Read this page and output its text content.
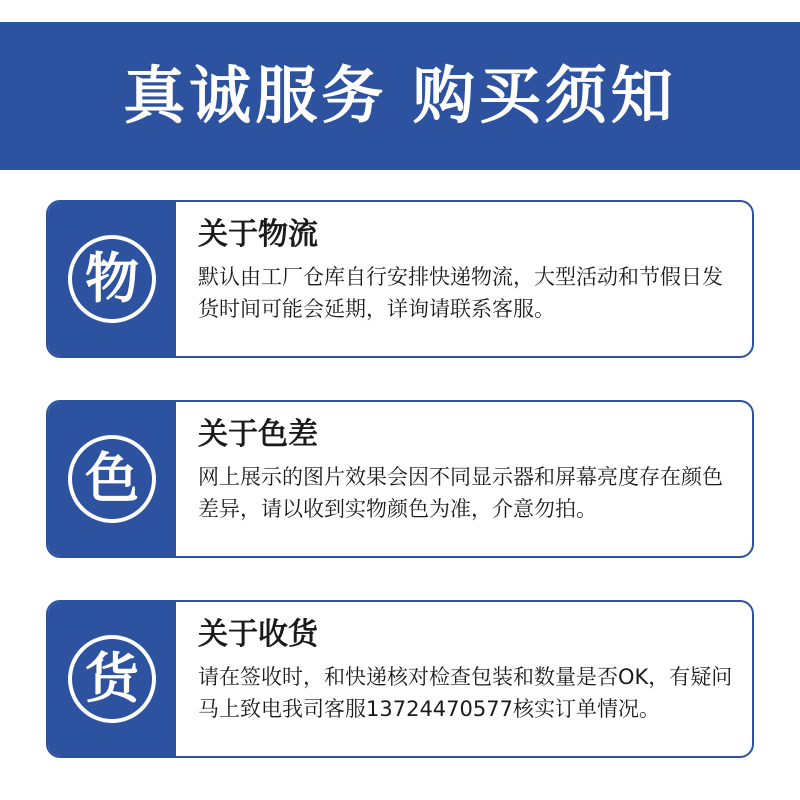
真诚服务 购买须知
物
关于物流
默认由工厂仓库自行安排快递物流，大型活动和节假日发货时间可能会延期，详询请联系客服。
色
关于色差
网上展示的图片效果会因不同显示器和屏幕亮度存在颜色差异，请以收到实物颜色为准，介意勿拍。
货
关于收货
请在签收时，和快递核对检查包装和数量是否OK，有疑问马上致电我司客服13724470577核实订单情况。
